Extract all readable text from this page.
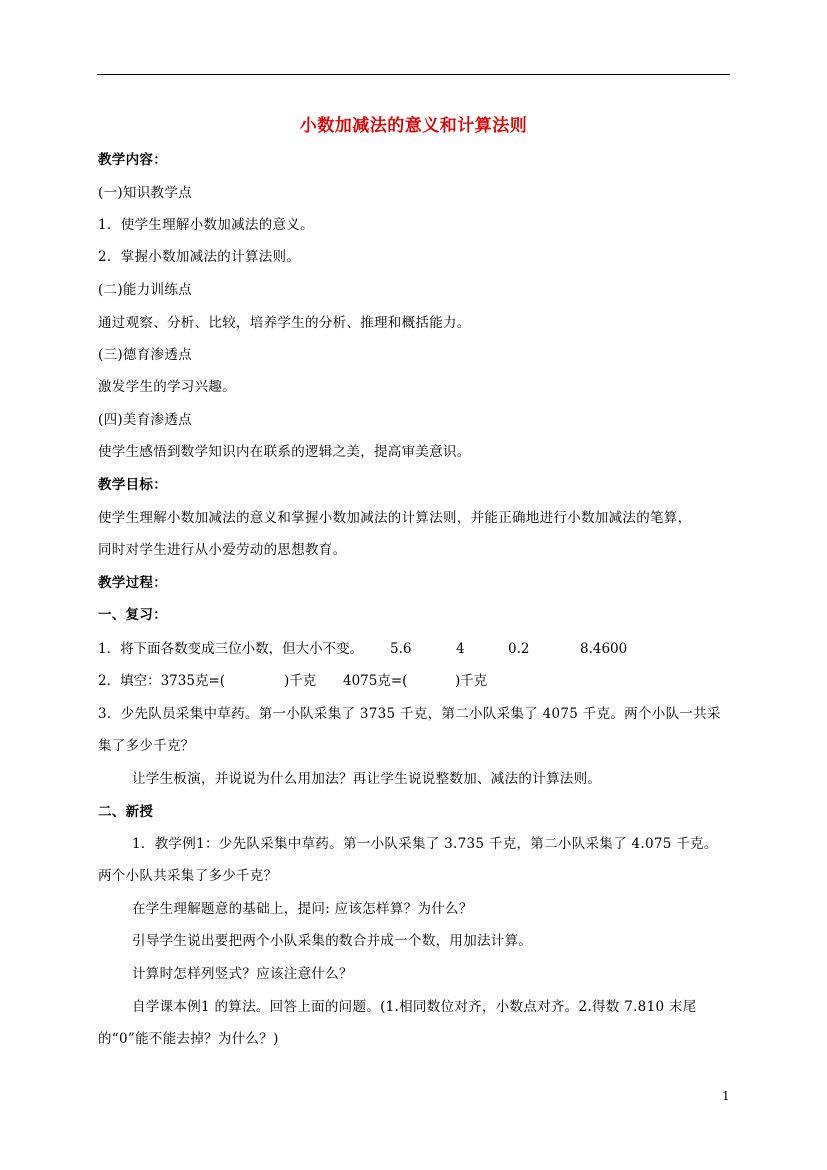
小数加减法的意义和计算法则
教学内容：
(一)知识教学点
1．使学生理解小数加减法的意义。
2．掌握小数加减法的计算法则。
(二)能力训练点
通过观察、分析、比较，培养学生的分析、推理和概括能力。
(三)德育渗透点
激发学生的学习兴趣。
(四)美育渗透点
使学生感悟到数学知识内在联系的逻辑之美，提高审美意识。
教学目标：
使学生理解小数加减法的意义和掌握小数加减法的计算法则，并能正确地进行小数加减法的笔算，
同时对学生进行从小爱劳动的思想教育。
教学过程：
一、复习：
1．将下面各数变成三位小数，但大小不变。 5.6	4	0.2	8.4600
2．填空：3735克=(	)千克 4075克=(	)千克
3．少先队员采集中草药。第一小队采集了 3735 千克，第二小队采集了 4075 千克。两个小队一共采
集了多少千克？
让学生板演，并说说为什么用加法？再让学生说说整数加、减法的计算法则。
二、新授
1．教学例1：少先队采集中草药。第一小队采集了 3.735 千克，第二小队采集了 4.075 千克。
两个小队共采集了多少千克？
在学生理解题意的基础上，提问: 应该怎样算？为什么？
引导学生说出要把两个小队采集的数合并成一个数，用加法计算。
计算时怎样列竖式？应该注意什么？
自学课本例1 的算法。回答上面的问题。(1.相同数位对齐，小数点对齐。2.得数 7.810 末尾
的“0”能不能去掉？为什么？)
1
